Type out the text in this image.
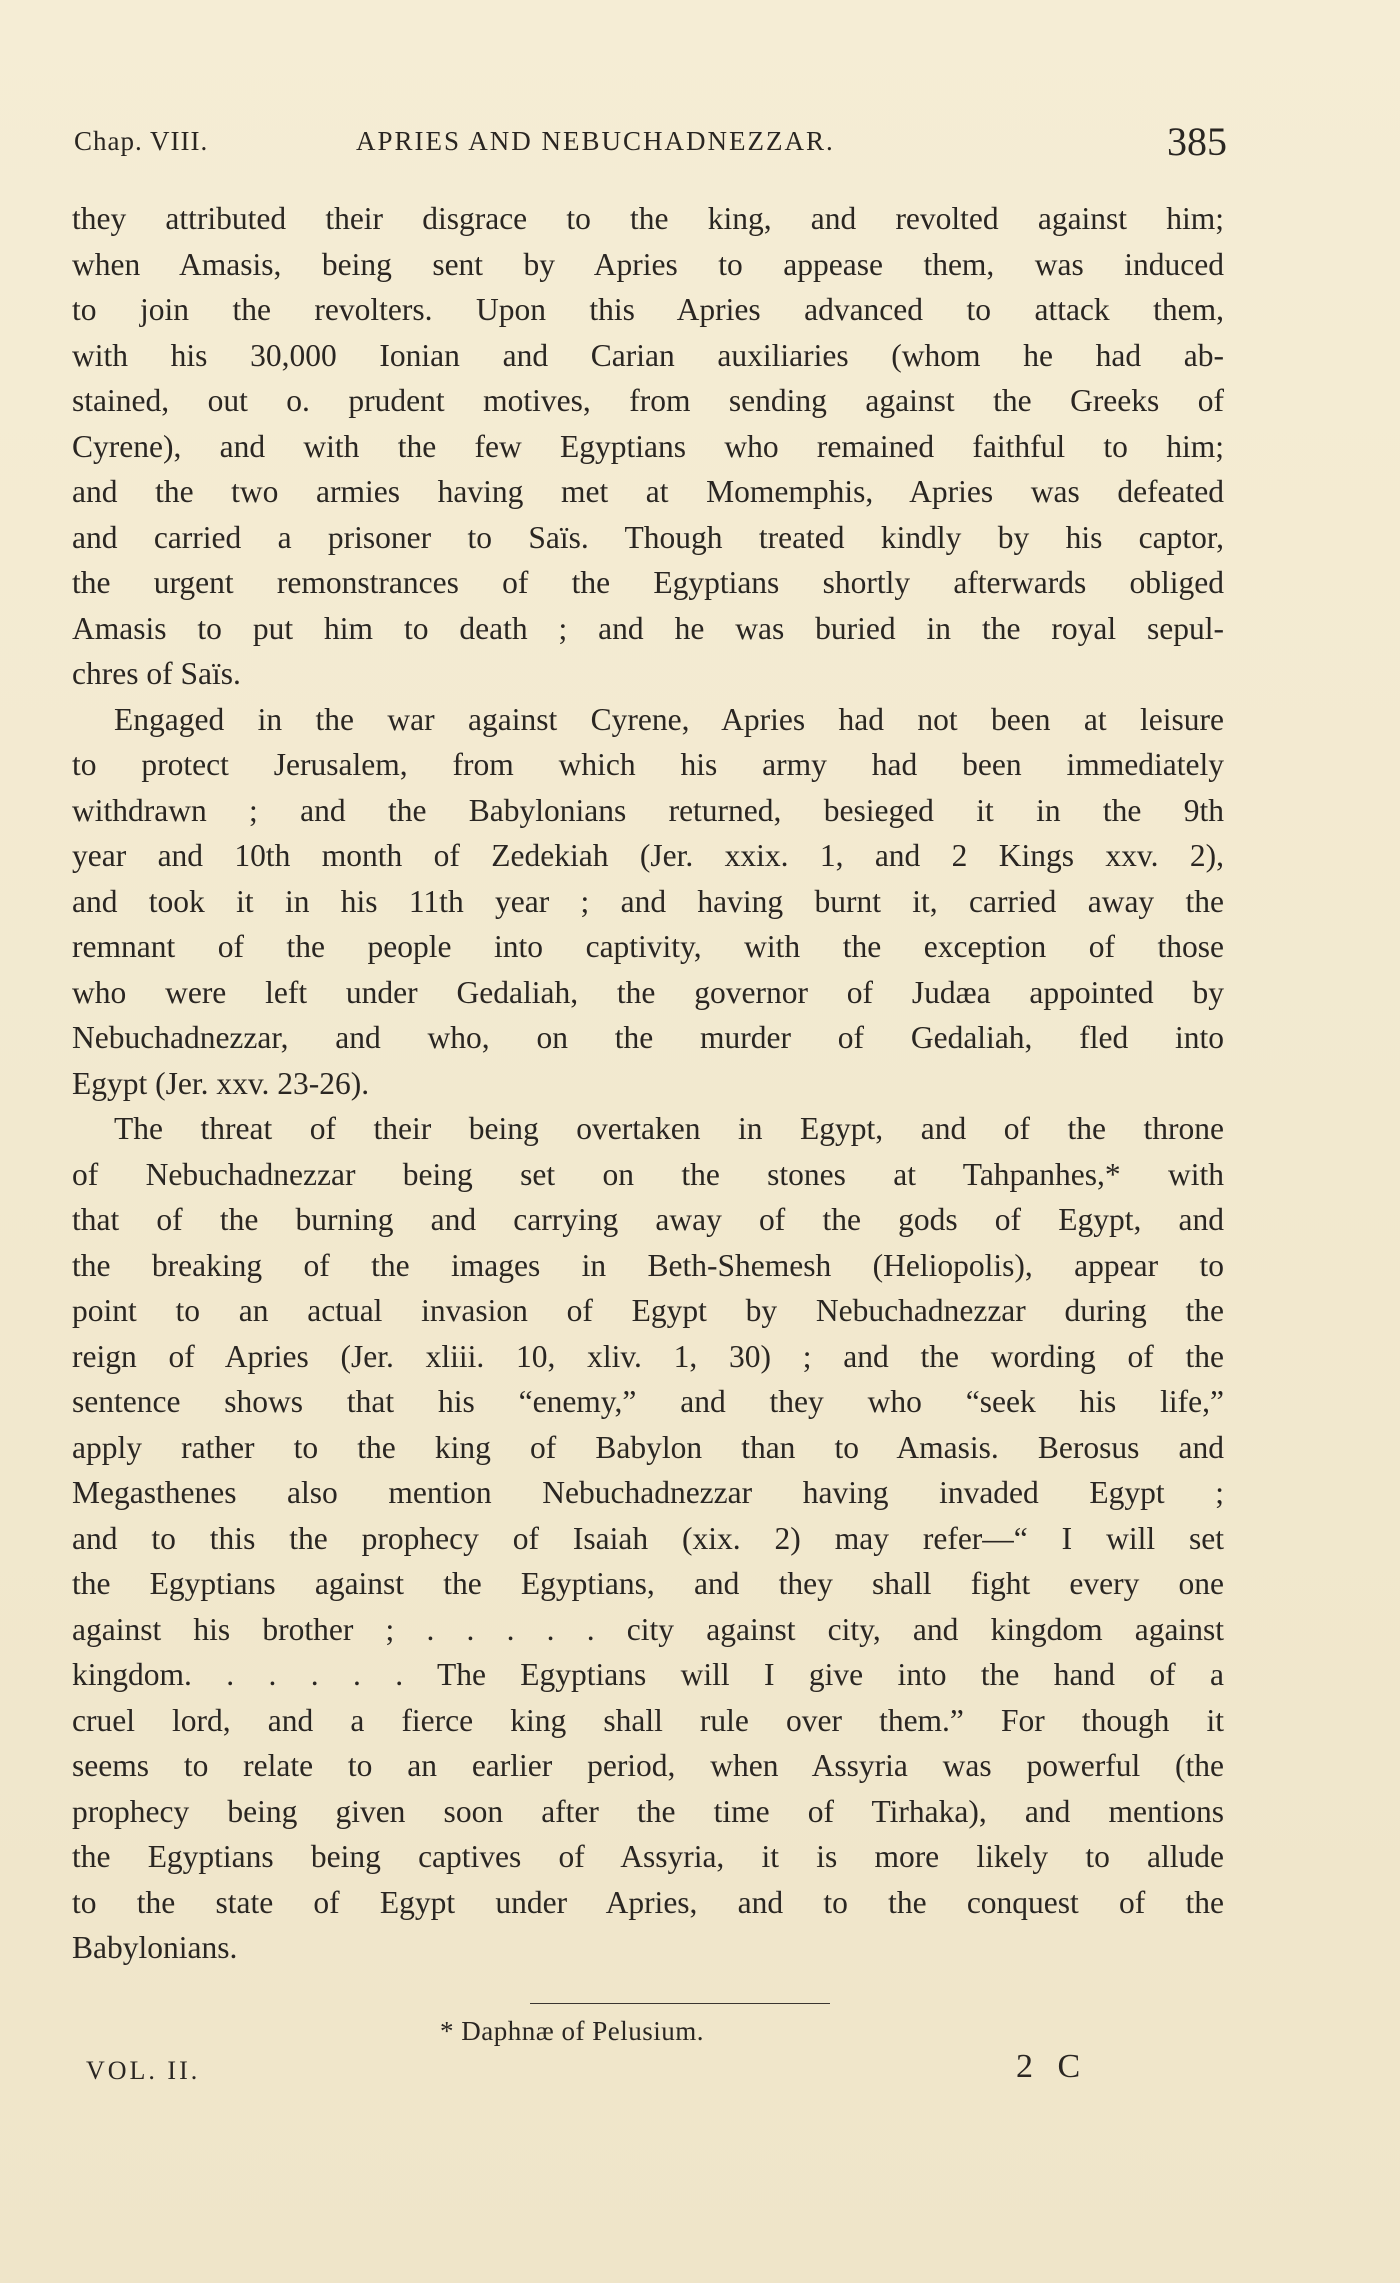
Chap. VIII.	APRIES AND NEBUCHADNEZZAR.	385
they attributed their disgrace to the king, and revolted against him;
when Amasis, being sent by Apries to appease them, was induced
to join the revolters. Upon this Apries advanced to attack them,
with his 30,000 Ionian and Carian auxiliaries (whom he had ab-
stained, out o. prudent motives, from sending against the Greeks of
Cyrene), and with the few Egyptians who remained faithful to him;
and the two armies having met at Momemphis, Apries was defeated
and carried a prisoner to Saïs. Though treated kindly by his captor,
the urgent remonstrances of the Egyptians shortly afterwards obliged
Amasis to put him to death ; and he was buried in the royal sepul-
chres of Saïs.
Engaged in the war against Cyrene, Apries had not been at leisure
to protect Jerusalem, from which his army had been immediately
withdrawn ; and the Babylonians returned, besieged it in the 9th
year and 10th month of Zedekiah (Jer. xxix. 1, and 2 Kings xxv. 2),
and took it in his 11th year ; and having burnt it, carried away the
remnant of the people into captivity, with the exception of those
who were left under Gedaliah, the governor of Judæa appointed by
Nebuchadnezzar, and who, on the murder of Gedaliah, fled into
Egypt (Jer. xxv. 23-26).
The threat of their being overtaken in Egypt, and of the throne
of Nebuchadnezzar being set on the stones at Tahpanhes,* with
that of the burning and carrying away of the gods of Egypt, and
the breaking of the images in Beth-Shemesh (Heliopolis), appear to
point to an actual invasion of Egypt by Nebuchadnezzar during the
reign of Apries (Jer. xliii. 10, xliv. 1, 30) ; and the wording of the
sentence shows that his “enemy,” and they who “seek his life,”
apply rather to the king of Babylon than to Amasis. Berosus and
Megasthenes also mention Nebuchadnezzar having invaded Egypt ;
and to this the prophecy of Isaiah (xix. 2) may refer—“ I will set
the Egyptians against the Egyptians, and they shall fight every one
against his brother ; . . . . . city against city, and kingdom against
kingdom. . . . . . The Egyptians will I give into the hand of a
cruel lord, and a fierce king shall rule over them.” For though it
seems to relate to an earlier period, when Assyria was powerful (the
prophecy being given soon after the time of Tirhaka), and mentions
the Egyptians being captives of Assyria, it is more likely to allude
to the state of Egypt under Apries, and to the conquest of the
Babylonians.
* Daphnæ of Pelusium.
VOL. II.	2 C
